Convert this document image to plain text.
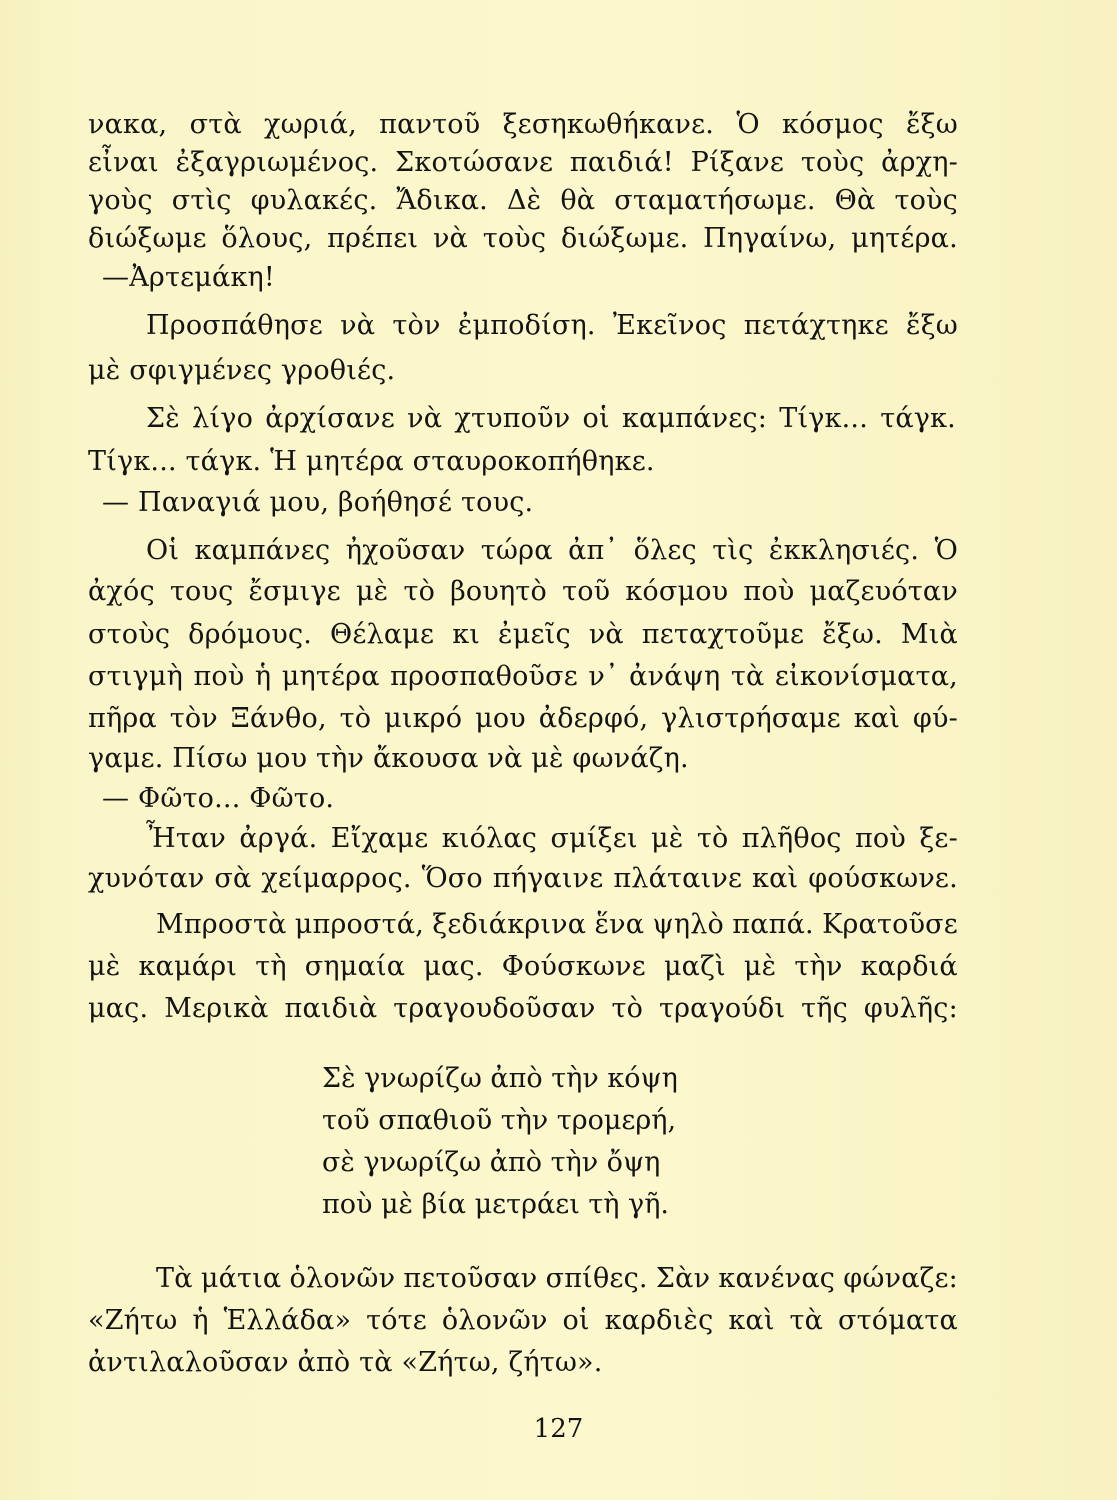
νακα, στὰ χωριά, παντοῦ ξεσηκωθήκανε. Ὁ κόσμος ἔξω
εἶναι ἐξαγριωμένος. Σκοτώσανε παιδιά! Ρίξανε τοὺς ἀρχη-
γοὺς στὶς φυλακές. Ἄδικα. Δὲ θὰ σταματήσωμε. Θὰ τοὺς
διώξωμε ὅλους, πρέπει νὰ τοὺς διώξωμε. Πηγαίνω, μητέρα.
—Ἀρτεμάκη!
Προσπάθησε νὰ τὸν ἐμποδίση. Ἐκεῖνος πετάχτηκε ἔξω
μὲ σφιγμένες γροθιές.
Σὲ λίγο ἀρχίσανε νὰ χτυποῦν οἱ καμπάνες: Τίγκ... τάγκ.
Τίγκ... τάγκ. Ἡ μητέρα σταυροκοπήθηκε.
— Παναγιά μου, βοήθησέ τους.
Οἱ καμπάνες ἠχοῦσαν τώρα ἀπ᾽ ὅλες τὶς ἐκκλησιές. Ὁ
ἀχός τους ἔσμιγε μὲ τὸ βουητὸ τοῦ κόσμου ποὺ μαζευόταν
στοὺς δρόμους. Θέλαμε κι ἐμεῖς νὰ πεταχτοῦμε ἔξω. Μιὰ
στιγμὴ ποὺ ἡ μητέρα προσπαθοῦσε ν᾽ ἀνάψη τὰ εἰκονίσματα,
πῆρα τὸν Ξάνθο, τὸ μικρό μου ἀδερφό, γλιστρήσαμε καὶ φύ-
γαμε. Πίσω μου τὴν ἄκουσα νὰ μὲ φωνάζη.
— Φῶτο... Φῶτο.
Ἦταν ἀργά. Εἴχαμε κιόλας σμίξει μὲ τὸ πλῆθος ποὺ ξε-
χυνόταν σὰ χείμαρρος. Ὅσο πήγαινε πλάταινε καὶ φούσκωνε.
Μπροστὰ μπροστά, ξεδιάκρινα ἕνα ψηλὸ παπά. Κρατοῦσε
μὲ καμάρι τὴ σημαία μας. Φούσκωνε μαζὶ μὲ τὴν καρδιά
μας. Μερικὰ παιδιὰ τραγουδοῦσαν τὸ τραγούδι τῆς φυλῆς:
Σὲ γνωρίζω ἀπὸ τὴν κόψη
τοῦ σπαθιοῦ τὴν τρομερή,
σὲ γνωρίζω ἀπὸ τὴν ὄψη
ποὺ μὲ βία μετράει τὴ γῆ.
Τὰ μάτια ὁλονῶν πετοῦσαν σπίθες. Σὰν κανένας φώναζε:
«Ζήτω ἡ Ἑλλάδα» τότε ὁλονῶν οἱ καρδιὲς καὶ τὰ στόματα
ἀντιλαλοῦσαν ἀπὸ τὰ «Ζήτω, ζήτω».
127
